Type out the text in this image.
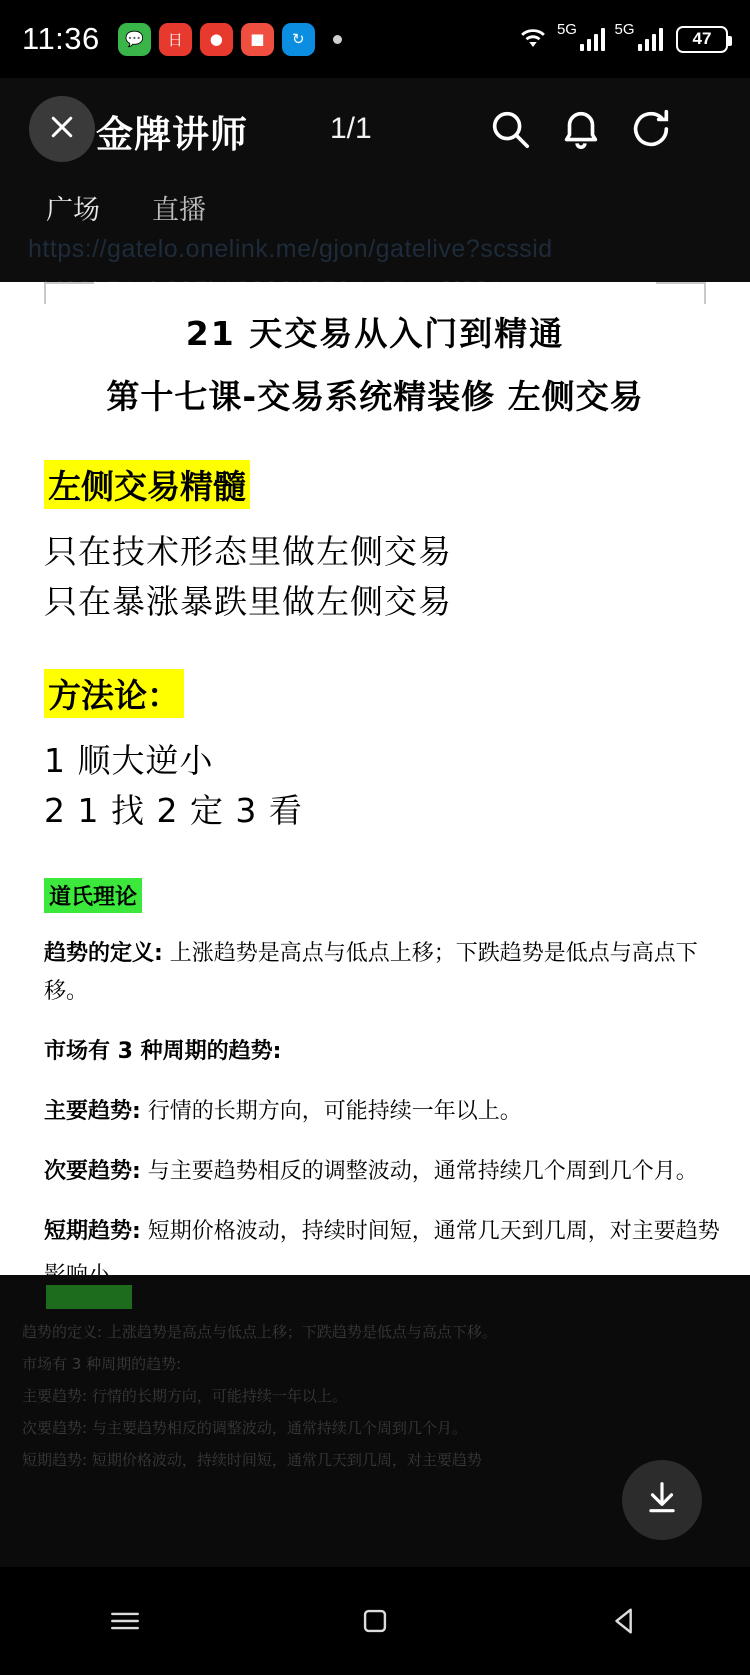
11:36	💬	日	●	■	↻
5G	5G	47
https://gatelo.onelink.me/gjon/gatelive?scssid
金牌讲师	1/1
广场 直播
21 天交易从入门到精通
第十七课-交易系统精装修 左侧交易
左侧交易精髓
只在技术形态里做左侧交易
只在暴涨暴跌里做左侧交易
方法论：
1 顺大逆小
2 1 找 2 定 3 看
道氏理论
趋势的定义: 上涨趋势是高点与低点上移；下跌趋势是低点与高点下移。
市场有 3 种周期的趋势:
主要趋势: 行情的长期方向，可能持续一年以上。
次要趋势: 与主要趋势相反的调整波动，通常持续几个周到几个月。
短期趋势: 短期价格波动，持续时间短，通常几天到几周，对主要趋势
趋势的定义: 上涨趋势是高点与低点上移；下跌趋势是低点与高点下移。
市场有 3 种周期的趋势:
主要趋势: 行情的长期方向，可能持续一年以上。
次要趋势: 与主要趋势相反的调整波动，通常持续几个周到几个月。
短期趋势: 短期价格波动，持续时间短，通常几天到几周，对主要趋势
